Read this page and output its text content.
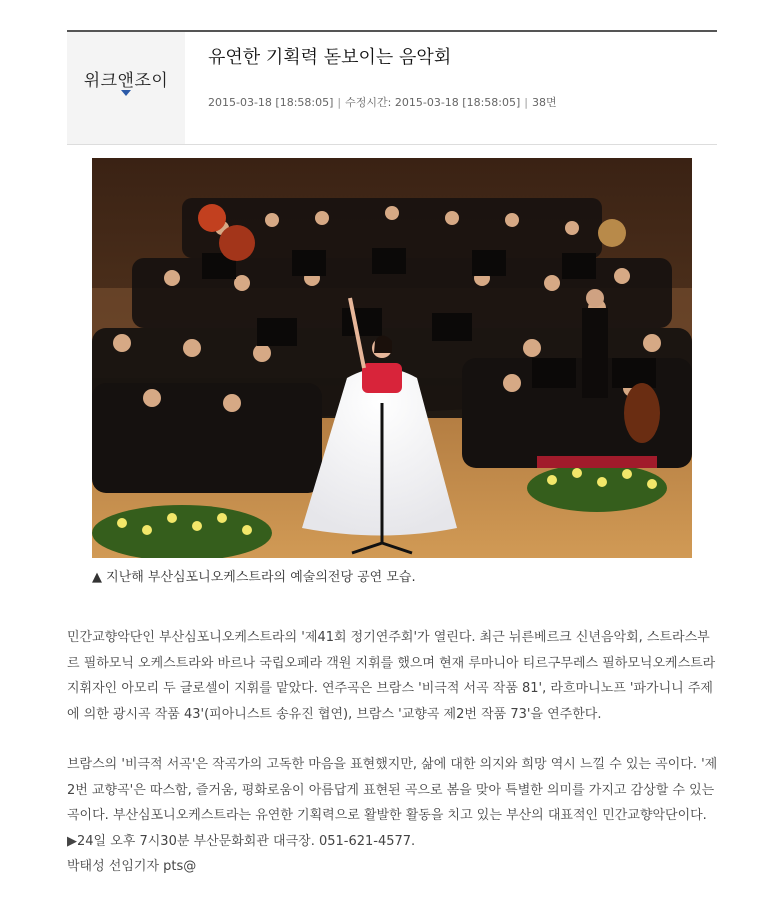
위크앤조이
유연한 기획력 돋보이는 음악회
2015-03-18 [18:58:05] | 수정시간: 2015-03-18 [18:58:05] | 38면
▲ 지난해 부산심포니오케스트라의 예술의전당 공연 모습.

민간교향악단인 부산심포니오케스트라의 '제41회 정기연주회'가 열린다. 최근 뉘른베르크 신년음악회, 스트라스부르 필하모닉 오케스트라와 바르나 국립오페라 객원 지휘를 했으며 현재 루마니아 티르구무레스 필하모닉오케스트라 지휘자인 아모리 두 글로셀이 지휘를 맡았다. 연주곡은 브람스 '비극적 서곡 작품 81', 라흐마니노프 '파가니니 주제에 의한 광시곡 작품 43'(피아니스트 송유진 협연), 브람스 '교향곡 제2번 작품 73'을 연주한다.

브람스의 '비극적 서곡'은 작곡가의 고독한 마음을 표현했지만, 삶에 대한 의지와 희망 역시 느낄 수 있는 곡이다. '제2번 교향곡'은 따스함, 즐거움, 평화로움이 아름답게 표현된 곡으로 봄을 맞아 특별한 의미를 가지고 감상할 수 있는 곡이다. 부산심포니오케스트라는 유연한 기획력으로 활발한 활동을 치고 있는 부산의 대표적인 민간교향악단이다. ▶24일 오후 7시30분 부산문화회관 대극장. 051-621-4577.

박태성 선임기자 pts@
